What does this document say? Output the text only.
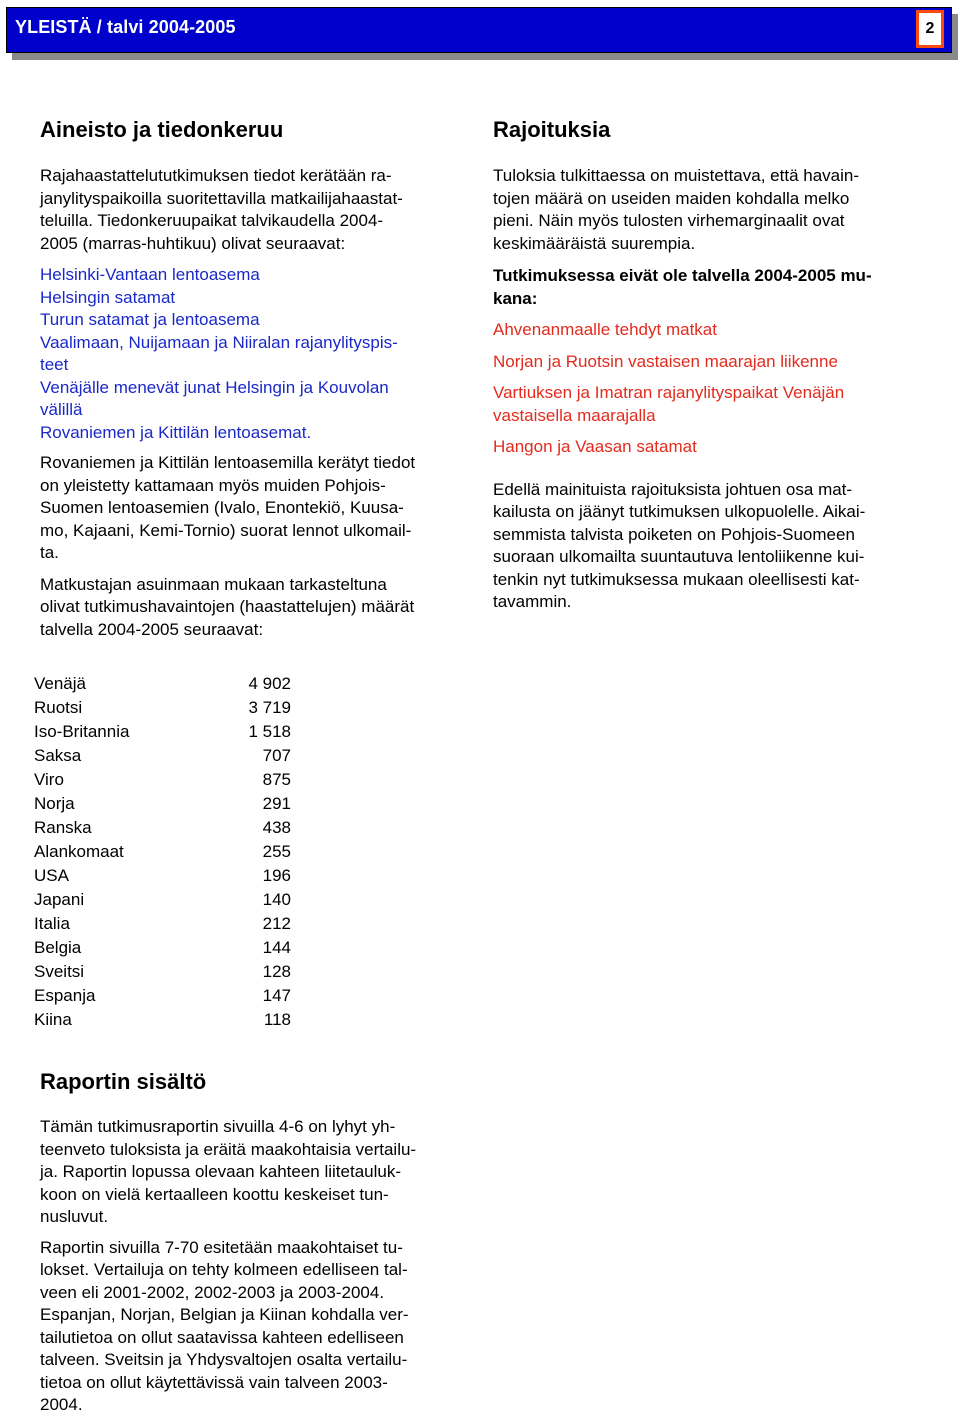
YLEISTÄ / talvi 2004-2005	2
Aineisto ja tiedonkeruu

Rajahaastattelututkimuksen tiedot kerätään ra-
janylityspaikoilla suoritettavilla matkailijahaastat-
teluilla. Tiedonkeruupaikat talvikaudella 2004-
2005 (marras-huhtikuu) olivat seuraavat:

Helsinki-Vantaan lentoasema
Helsingin satamat
Turun satamat ja lentoasema
Vaalimaan, Nuijamaan ja Niiralan rajanylityspis-
teet
Venäjälle menevät junat Helsingin ja Kouvolan
välillä
Rovaniemen ja Kittilän lentoasemat.

Rovaniemen ja Kittilän lentoasemilla kerätyt tiedot
on yleistetty kattamaan myös muiden Pohjois-
Suomen lentoasemien (Ivalo, Enontekiö, Kuusa-
mo, Kajaani, Kemi-Tornio) suorat lennot ulkomail-
ta.

Matkustajan asuinmaan mukaan tarkasteltuna
olivat tutkimushavaintojen (haastattelujen) määrät
talvella 2004-2005 seuraavat:

Venäjä	4 902
Ruotsi	3 719
Iso-Britannia	1 518
Saksa	707
Viro	875
Norja	291
Ranska	438
Alankomaat	255
USA	196
Japani	140
Italia	212
Belgia	144
Sveitsi	128
Espanja	147
Kiina	118
Raportin sisältö

Tämän tutkimusraportin sivuilla 4-6 on lyhyt yh-
teenveto tuloksista ja eräitä maakohtaisia vertailu-
ja. Raportin lopussa olevaan kahteen liitetauluk-
koon on vielä kertaalleen koottu keskeiset tun-
nusluvut.

Raportin sivuilla 7-70 esitetään maakohtaiset tu-
lokset. Vertailuja on tehty kolmeen edelliseen tal-
veen eli 2001-2002, 2002-2003 ja 2003-2004.
Espanjan, Norjan, Belgian ja Kiinan kohdalla ver-
tailutietoa on ollut saatavissa kahteen edelliseen
talveen. Sveitsin ja Yhdysvaltojen osalta vertailu-
tietoa on ollut käytettävissä vain talveen 2003-
2004.

Rajoituksia

Tuloksia tulkittaessa on muistettava, että havain-
tojen määrä on useiden maiden kohdalla melko
pieni. Näin myös tulosten virhemarginaalit ovat
keskimääräistä suurempia.

Tutkimuksessa eivät ole talvella 2004-2005 mu-
kana:

Ahvenanmaalle tehdyt matkat

Norjan ja Ruotsin vastaisen maarajan liikenne

Vartiuksen ja Imatran rajanylityspaikat Venäjän
vastaisella maarajalla

Hangon ja Vaasan satamat

Edellä mainituista rajoituksista johtuen osa mat-
kailusta on jäänyt tutkimuksen ulkopuolelle. Aikai-
semmista talvista poiketen on Pohjois-Suomeen
suoraan ulkomailta suuntautuva lentoliikenne kui-
tenkin nyt tutkimuksessa mukaan oleellisesti kat-
tavammin.
